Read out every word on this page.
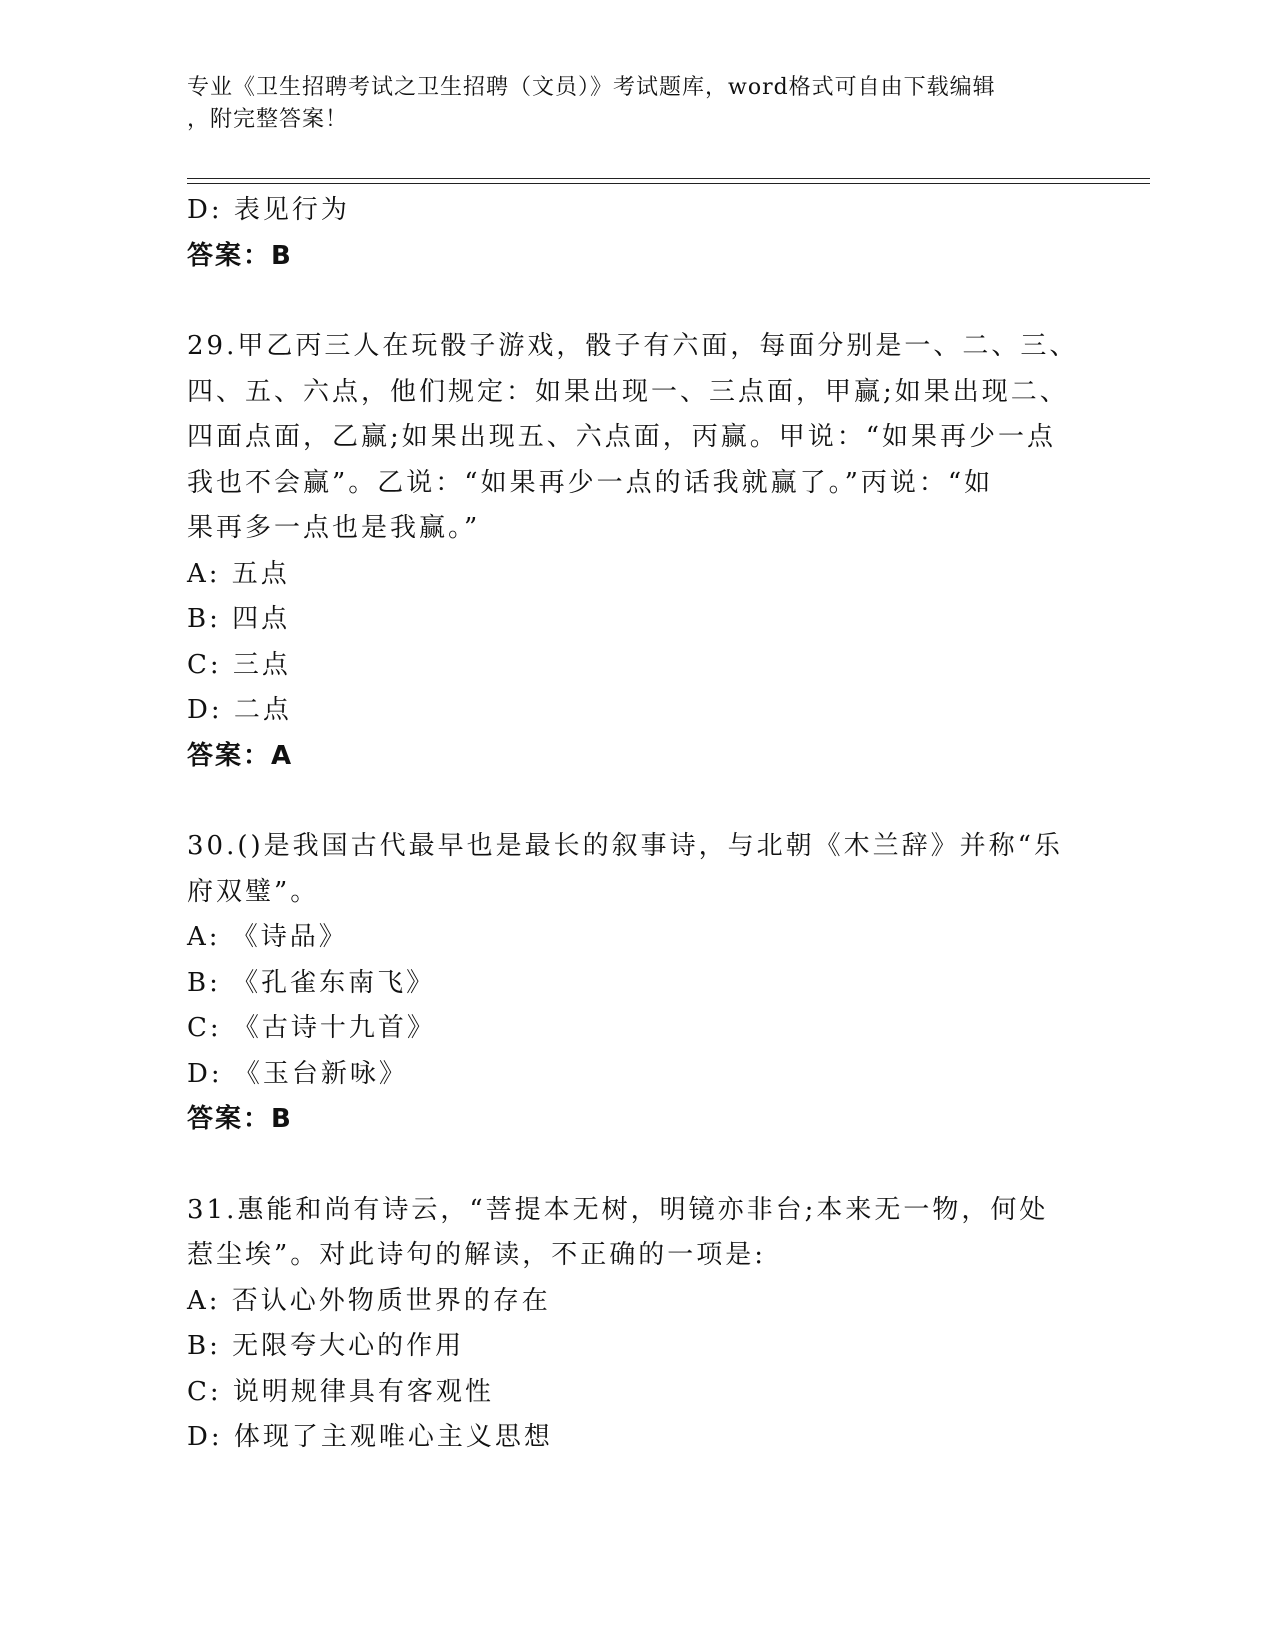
专业《卫生招聘考试之卫生招聘（文员）》考试题库，word格式可自由下载编辑
，附完整答案！
D: 表见行为
答案：B
29.甲乙丙三人在玩骰子游戏，骰子有六面，每面分别是一、二、三、
四、五、六点，他们规定：如果出现一、三点面，甲赢;如果出现二、
四面点面，乙赢;如果出现五、六点面，丙赢。甲说：“如果再少一点
我也不会赢”。乙说：“如果再少一点的话我就赢了。”丙说：“如
果再多一点也是我赢。”
A: 五点
B: 四点
C: 三点
D: 二点
答案：A
30.()是我国古代最早也是最长的叙事诗，与北朝《木兰辞》并称“乐
府双璧”。
A: 《诗品》
B: 《孔雀东南飞》
C: 《古诗十九首》
D: 《玉台新咏》
答案：B
31.惠能和尚有诗云，“菩提本无树，明镜亦非台;本来无一物，何处
惹尘埃”。对此诗句的解读，不正确的一项是:
A: 否认心外物质世界的存在
B: 无限夸大心的作用
C: 说明规律具有客观性
D: 体现了主观唯心主义思想
